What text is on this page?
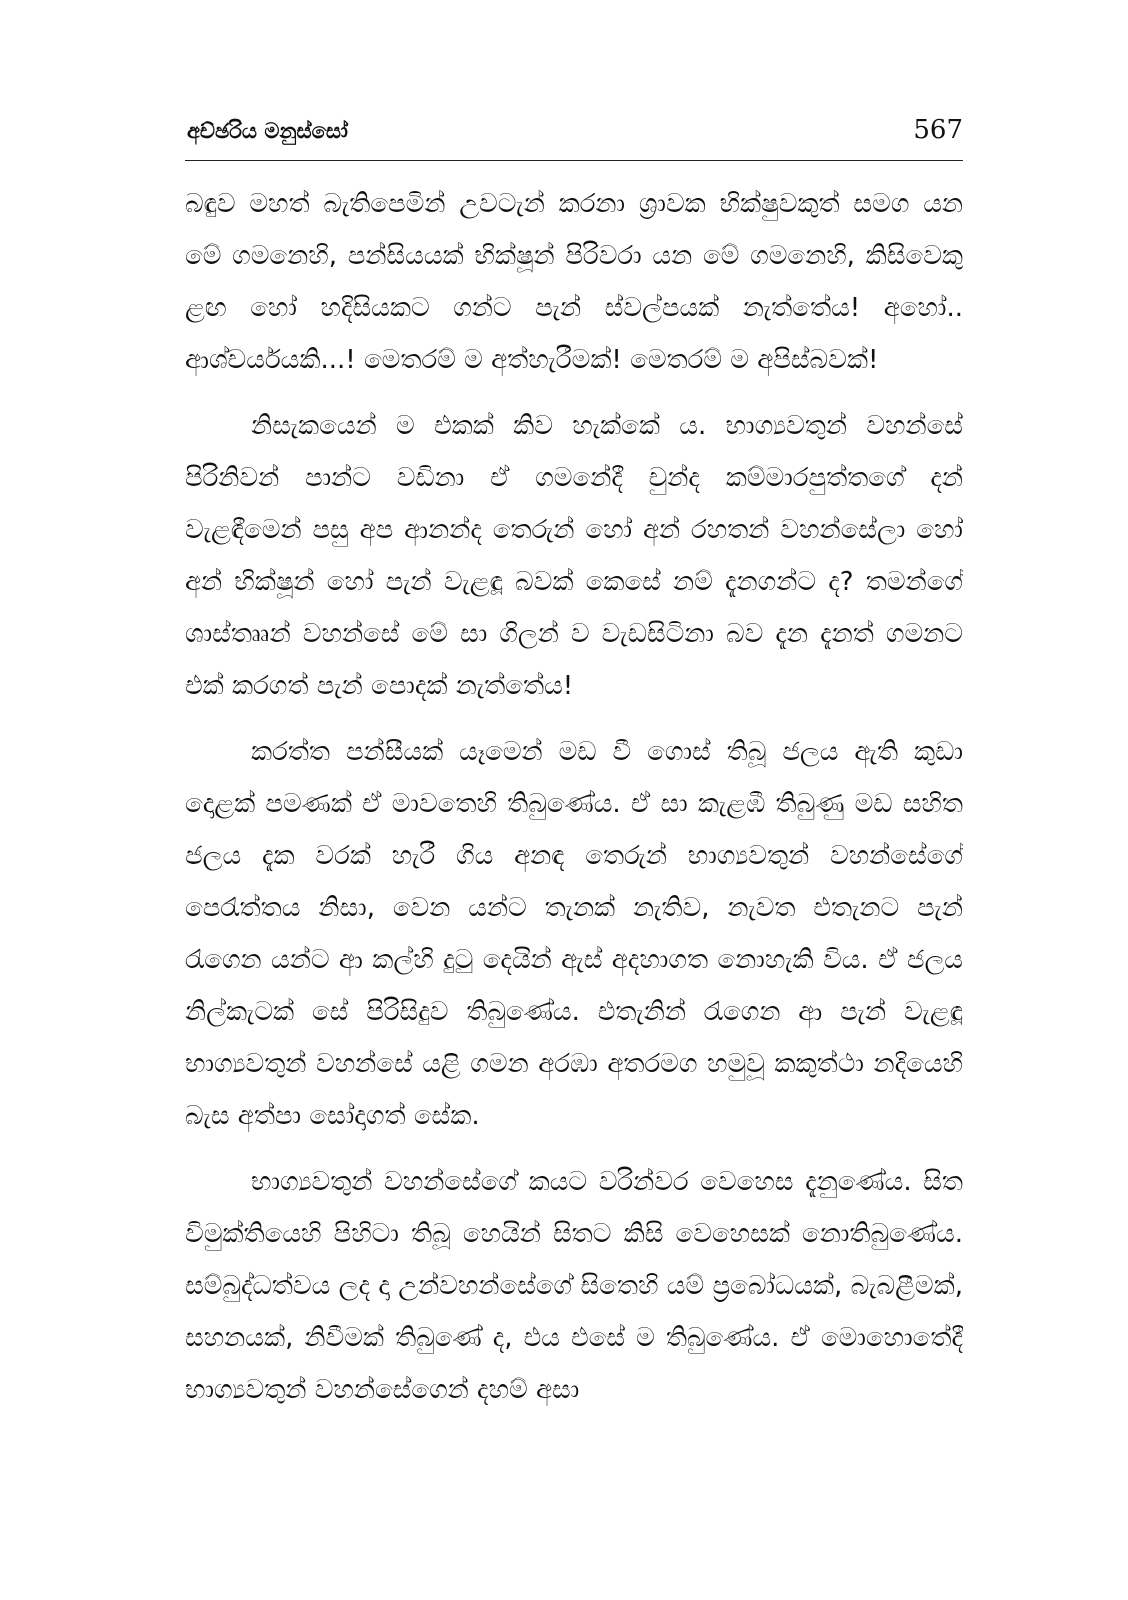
අච්ඡරිය මනුස්සෝ	567

බඳුව මහත් බැතිපෙමින් උවටැන් කරනා ශ්‍රාවක භික්ෂුවකුත් සමග යන මේ ගමනෙහි, පන්සියයක් භික්ෂූන් පිරිවරා යන මේ ගමනෙහි, කිසිවෙකු ළඟ හෝ හදිසියකට ගන්ට පැන් ස්වල්පයක් නැත්තේය! අහෝ.. ආශ්චර්යයකි...! මෙතරම් ම අත්හැරීමක්! මෙතරම් ම අපිස්බවක්!

නිසැකයෙන් ම එකක් කිව හැක්කේ ය. භාග්‍යවතුන් වහන්සේ පිරිනිවන් පාන්ට වඩිනා ඒ ගමනේදී චුන්ද කම්මාරපුත්තගේ දන් වැළඳීමෙන් පසු අප ආනන්ද තෙරුන් හෝ අන් රහතන් වහන්සේලා හෝ අන් භික්ෂූන් හෝ පැන් වැළඳූ බවක් කෙසේ නම් දැනගන්ට ද? තමන්ගේ ශාස්තෲන් වහන්සේ මේ සා ගිලන් ව වැඩසිටිනා බව දැන දැනත් ගමනට එක් කරගත් පැන් පොදක් නැත්තේය!

කරත්ත පන්සීයක් යෑමෙන් මඩ වී ගොස් තිබූ ජලය ඇති කුඩා දොළක් පමණක් ඒ මාවතෙහි තිබුණේය. ඒ සා කැළඹී තිබුණු මඩ සහිත ජලය දැක වරක් හැරී ගිය අනඳ තෙරුන් භාග්‍යවතුන් වහන්සේගේ පෙරැත්තය නිසා, වෙන යන්ට තැනක් නැතිව, නැවත එතැනට පැන් රැගෙන යන්ට ආ කල්හි දුටු දෙයින් ඇස් අදහාගත නොහැකි විය. ඒ ජලය නිල්කැටක් සේ පිරිසිදුව තිබුණේය. එතැනින් රැගෙන ආ පැන් වැළඳූ භාග්‍යවතුන් වහන්සේ යළි ගමන අරඹා අතරමග හමුවූ කකුත්ථා නදියෙහි බැස අත්පා සෝදාගත් සේක.

භාග්‍යවතුන් වහන්සේගේ කයට වරින්වර වෙහෙස දැනුණේය. සිත විමුක්තියෙහි පිහිටා තිබූ හෙයින් සිතට කිසි වෙහෙසක් නොතිබුණේය. සම්බුද්ධත්වය ලද දා උන්වහන්සේගේ සිතෙහි යම් ප්‍රබෝධයක්, බැබළීමක්, සහනයක්, නිවීමක් තිබුණේ ද, එය එසේ ම තිබුණේය. ඒ මොහොතේදී භාග්‍යවතුන් වහන්සේගෙන් දහම් අසා
